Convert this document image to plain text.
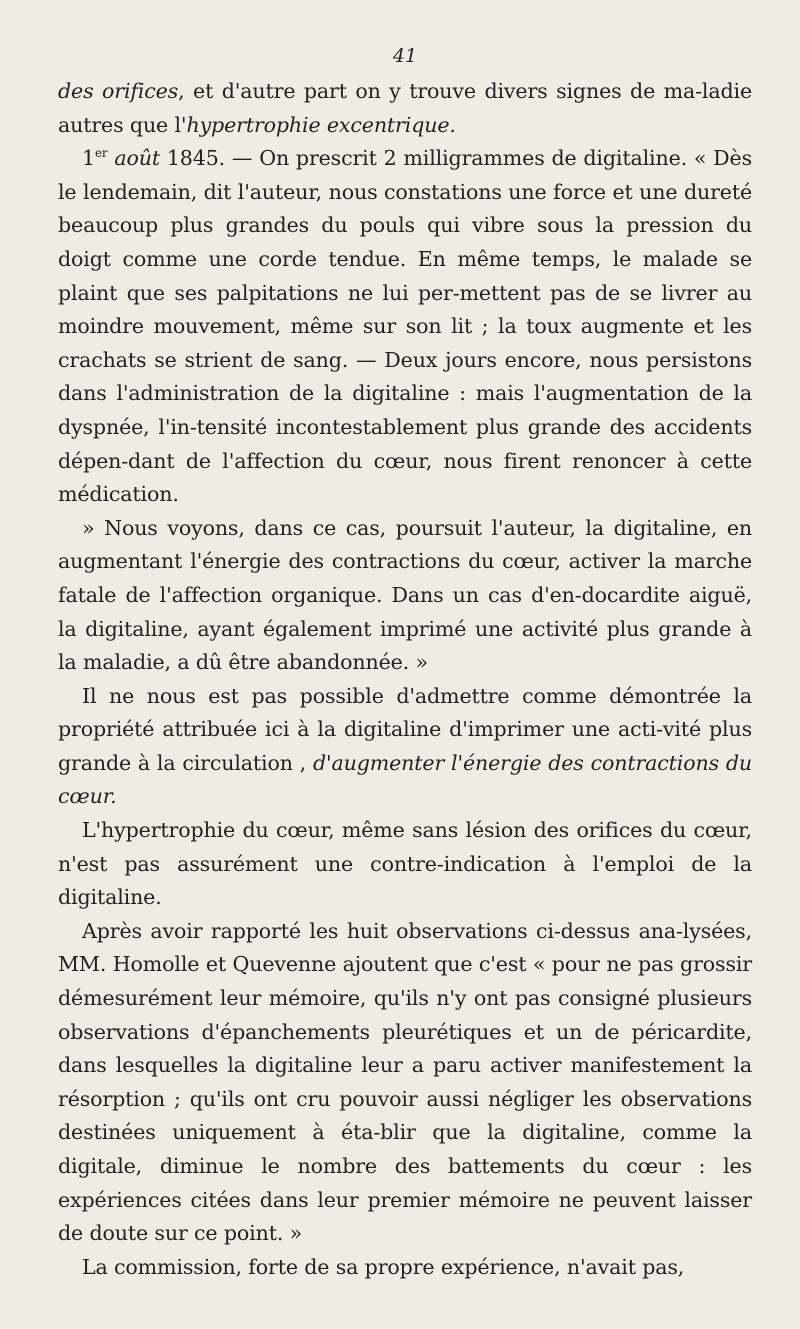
41

des orifices, et d'autre part on y trouve divers signes de ma-ladie autres que l'hypertrophie excentrique.

1er août 1845. — On prescrit 2 milligrammes de digitaline. « Dès le lendemain, dit l'auteur, nous constations une force et une dureté beaucoup plus grandes du pouls qui vibre sous la pression du doigt comme une corde tendue. En même temps, le malade se plaint que ses palpitations ne lui per-mettent pas de se livrer au moindre mouvement, même sur son lit ; la toux augmente et les crachats se strient de sang. — Deux jours encore, nous persistons dans l'administration de la digitaline : mais l'augmentation de la dyspnée, l'in-tensité incontestablement plus grande des accidents dépen-dant de l'affection du cœur, nous firent renoncer à cette médication.

» Nous voyons, dans ce cas, poursuit l'auteur, la digitaline, en augmentant l'énergie des contractions du cœur, activer la marche fatale de l'affection organique. Dans un cas d'en-docardite aiguë, la digitaline, ayant également imprimé une activité plus grande à la maladie, a dû être abandonnée. »

Il ne nous est pas possible d'admettre comme démontrée la propriété attribuée ici à la digitaline d'imprimer une acti-vité plus grande à la circulation , d'augmenter l'énergie des contractions du cœur.

L'hypertrophie du cœur, même sans lésion des orifices du cœur, n'est pas assurément une contre-indication à l'emploi de la digitaline.

Après avoir rapporté les huit observations ci-dessus ana-lysées, MM. Homolle et Quevenne ajoutent que c'est « pour ne pas grossir démesurément leur mémoire, qu'ils n'y ont pas consigné plusieurs observations d'épanchements pleurétiques et un de péricardite, dans lesquelles la digitaline leur a paru activer manifestement la résorption ; qu'ils ont cru pouvoir aussi négliger les observations destinées uniquement à éta-blir que la digitaline, comme la digitale, diminue le nombre des battements du cœur : les expériences citées dans leur premier mémoire ne peuvent laisser de doute sur ce point. »

La commission, forte de sa propre expérience, n'avait pas,
